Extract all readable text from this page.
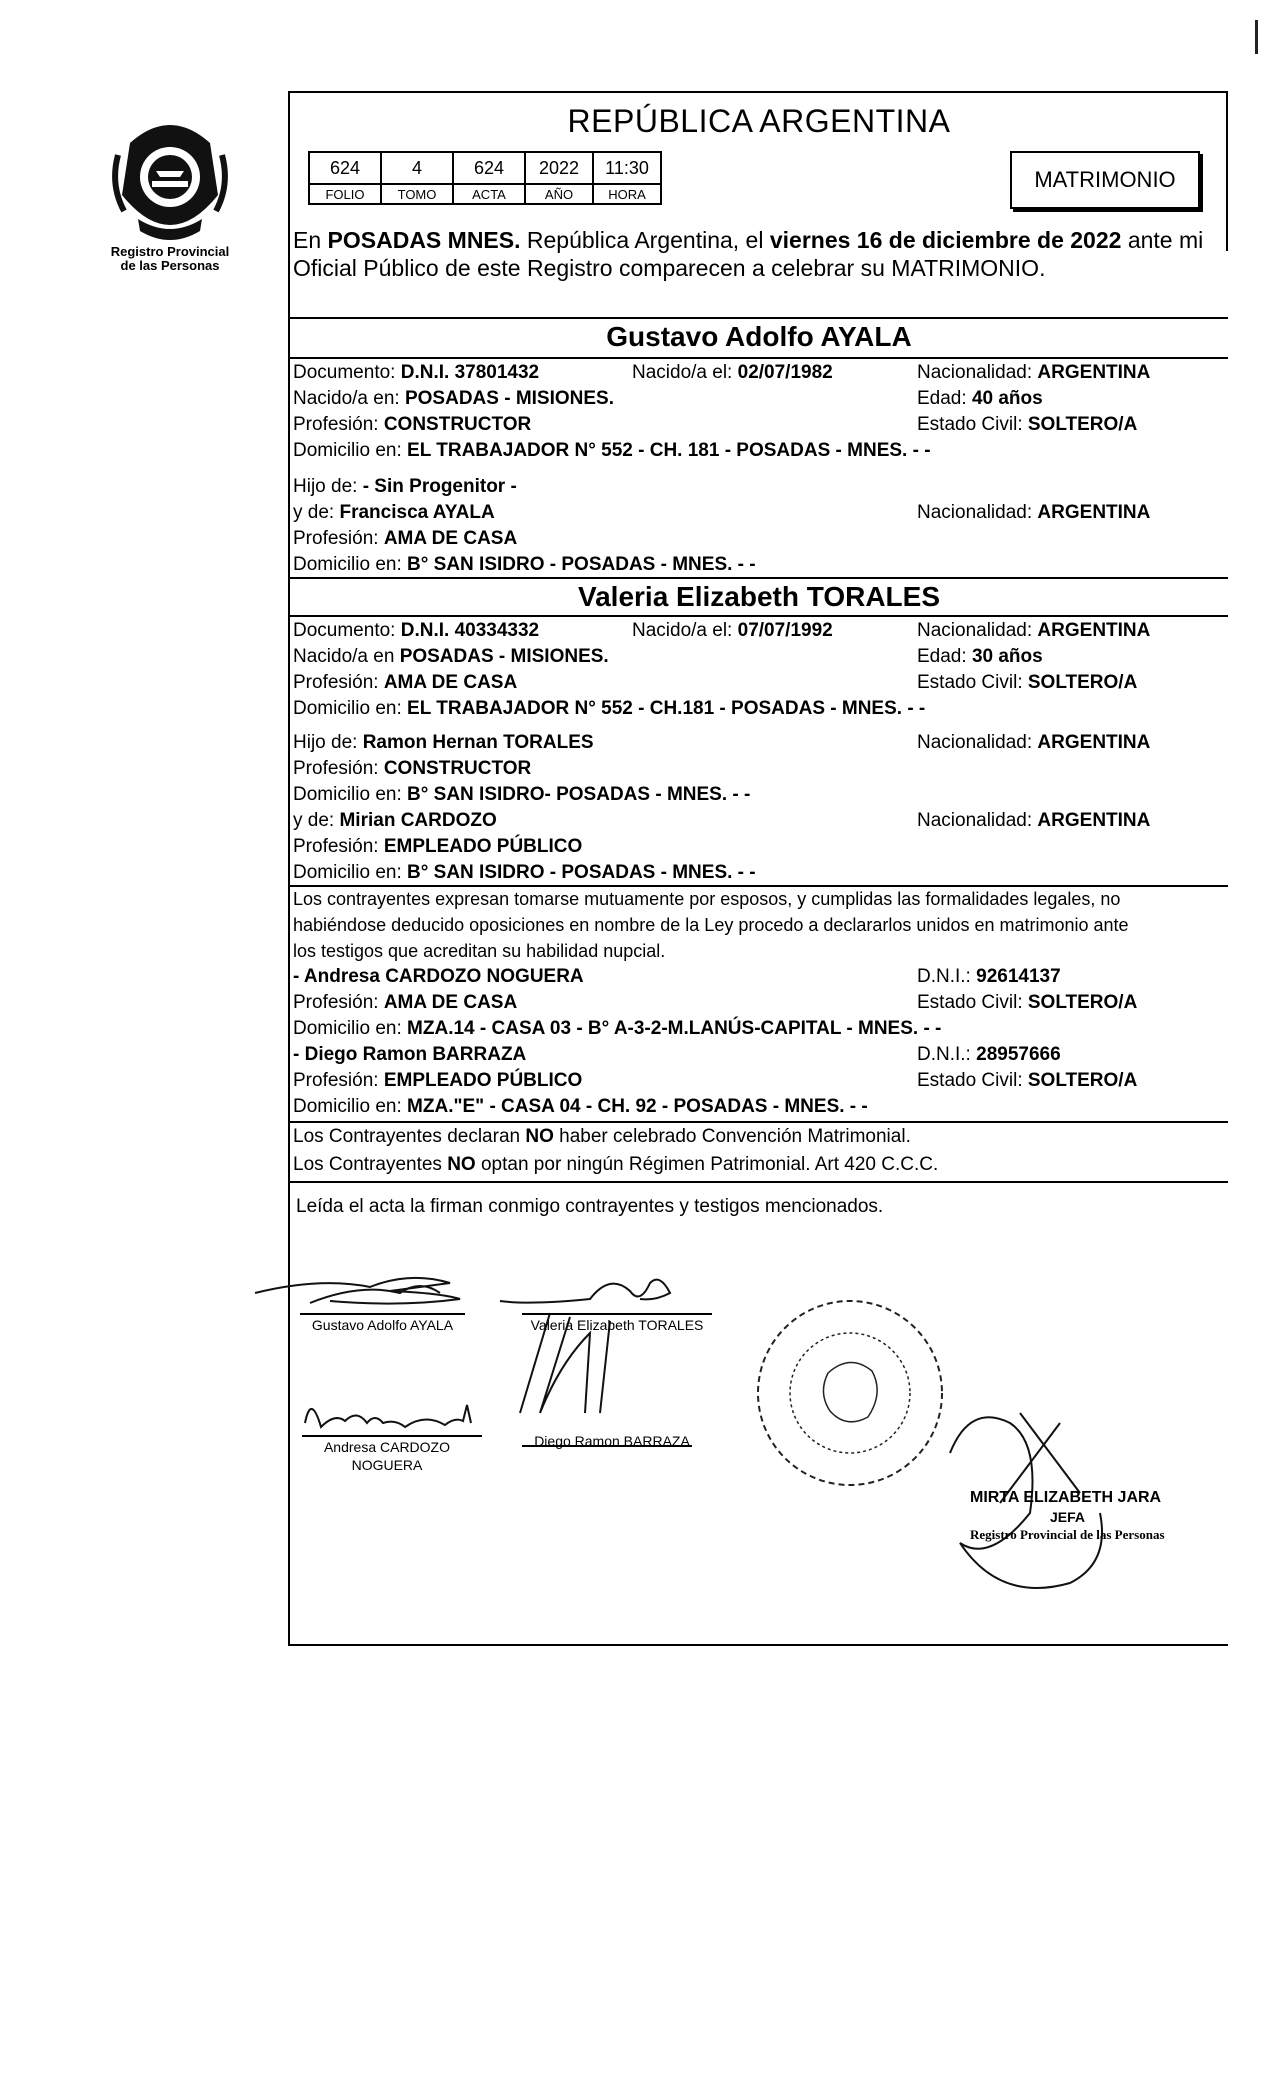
Registro Provincial
de las Personas
REPÚBLICA ARGENTINA
624	4	624	2022	11:30
FOLIO	TOMO	ACTA	AÑO	HORA
MATRIMONIO
En POSADAS MNES. República Argentina, el viernes 16 de diciembre de 2022 ante mi
Oficial Público de este Registro comparecen a celebrar su MATRIMONIO.
Gustavo Adolfo AYALA
Documento: D.N.I. 37801432	Nacido/a el: 02/07/1982	Nacionalidad: ARGENTINA
Nacido/a en: POSADAS - MISIONES.	Edad: 40 años
Profesión: CONSTRUCTOR	Estado Civil: SOLTERO/A
Domicilio en: EL TRABAJADOR N° 552 - CH. 181 - POSADAS - MNES. - -
Hijo de: - Sin Progenitor -
y de: Francisca AYALA	Nacionalidad: ARGENTINA
Profesión: AMA DE CASA
Domicilio en: B° SAN ISIDRO - POSADAS - MNES. - -
Valeria Elizabeth TORALES
Documento: D.N.I. 40334332	Nacido/a el: 07/07/1992	Nacionalidad: ARGENTINA
Nacido/a en POSADAS - MISIONES.	Edad: 30 años
Profesión: AMA DE CASA	Estado Civil: SOLTERO/A
Domicilio en: EL TRABAJADOR N° 552 - CH.181 - POSADAS - MNES. - -
Hijo de: Ramon Hernan TORALES	Nacionalidad: ARGENTINA
Profesión: CONSTRUCTOR
Domicilio en: B° SAN ISIDRO- POSADAS - MNES. - -
y de: Mirian CARDOZO	Nacionalidad: ARGENTINA
Profesión: EMPLEADO PÚBLICO
Domicilio en: B° SAN ISIDRO - POSADAS - MNES. - -
Los contrayentes expresan tomarse mutuamente por esposos, y cumplidas las formalidades legales, no
habiéndose deducido oposiciones en nombre de la Ley procedo a declararlos unidos en matrimonio ante
los testigos que acreditan su habilidad nupcial.
- Andresa CARDOZO NOGUERA	D.N.I.: 92614137
Profesión: AMA DE CASA	Estado Civil: SOLTERO/A
Domicilio en: MZA.14 - CASA 03 - B° A-3-2-M.LANÚS-CAPITAL - MNES. - -
- Diego Ramon BARRAZA	D.N.I.: 28957666
Profesión: EMPLEADO PÚBLICO	Estado Civil: SOLTERO/A
Domicilio en: MZA."E" - CASA 04 - CH. 92 - POSADAS - MNES. - -
Los Contrayentes declaran NO haber celebrado Convención Matrimonial.
Los Contrayentes NO optan por ningún Régimen Patrimonial. Art 420 C.C.C.
Leída el acta la firman conmigo contrayentes y testigos mencionados.
Gustavo Adolfo AYALA	Valeria Elizabeth TORALES
Andresa CARDOZO
NOGUERA
Diego Ramon BARRAZA
MIRTA ELIZABETH JARA
JEFA
Registro Provincial de las Personas
